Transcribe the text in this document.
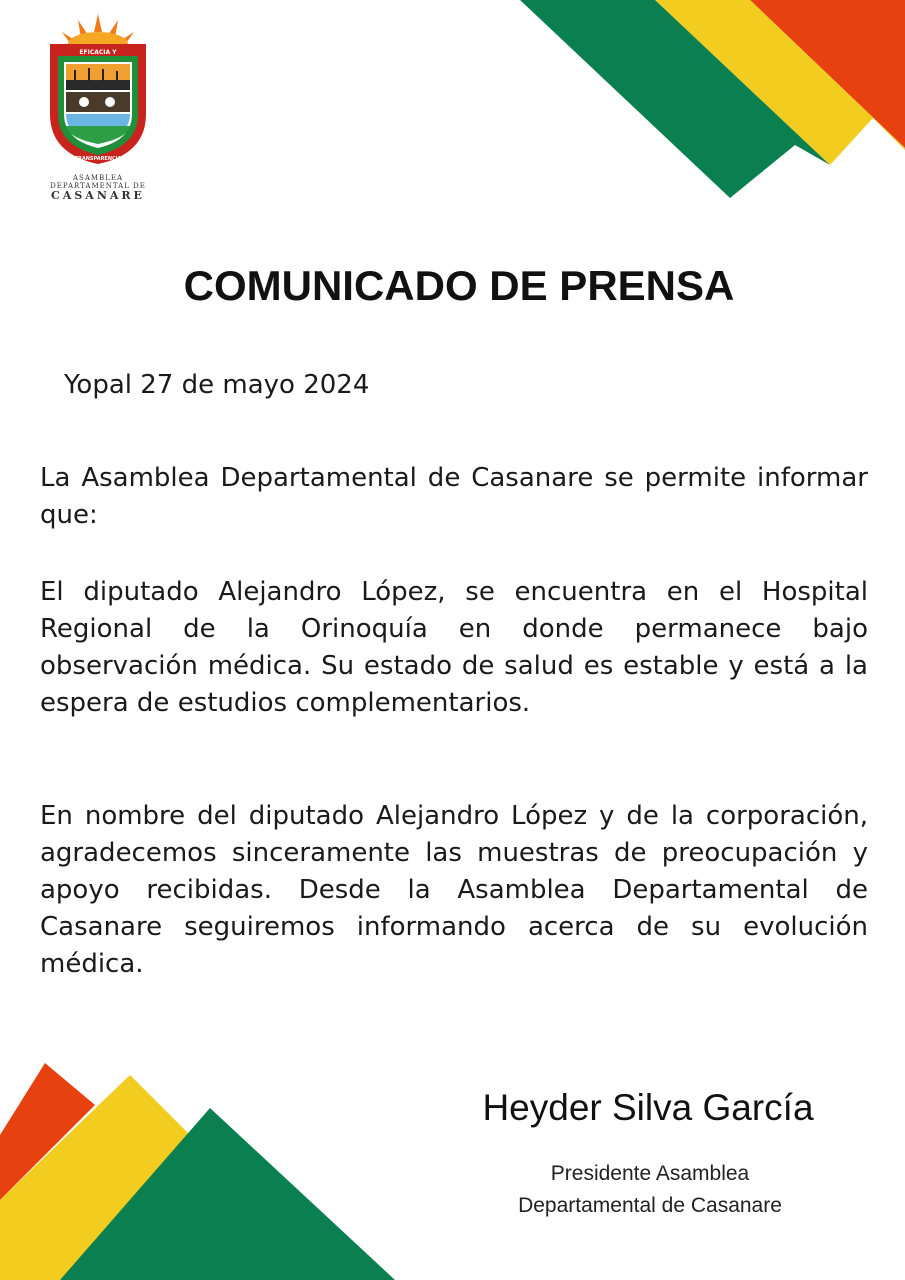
EFICACIA Y
TRANSPARENCIA
ASAMBLEA
DEPARTAMENTAL DE
CASANARE
COMUNICADO DE PRENSA
Yopal 27 de mayo 2024

La Asamblea Departamental de Casanare se permite informar que:

El diputado Alejandro López, se encuentra en el Hospital Regional de la Orinoquía en donde permanece bajo observación médica. Su estado de salud es estable y está a la espera de estudios complementarios.

En nombre del diputado Alejandro López y de la corporación, agradecemos sinceramente las muestras de preocupación y apoyo recibidas. Desde la Asamblea Departamental de Casanare seguiremos informando acerca de su evolución médica.

Heyder Silva García
Presidente Asamblea
Departamental de Casanare
